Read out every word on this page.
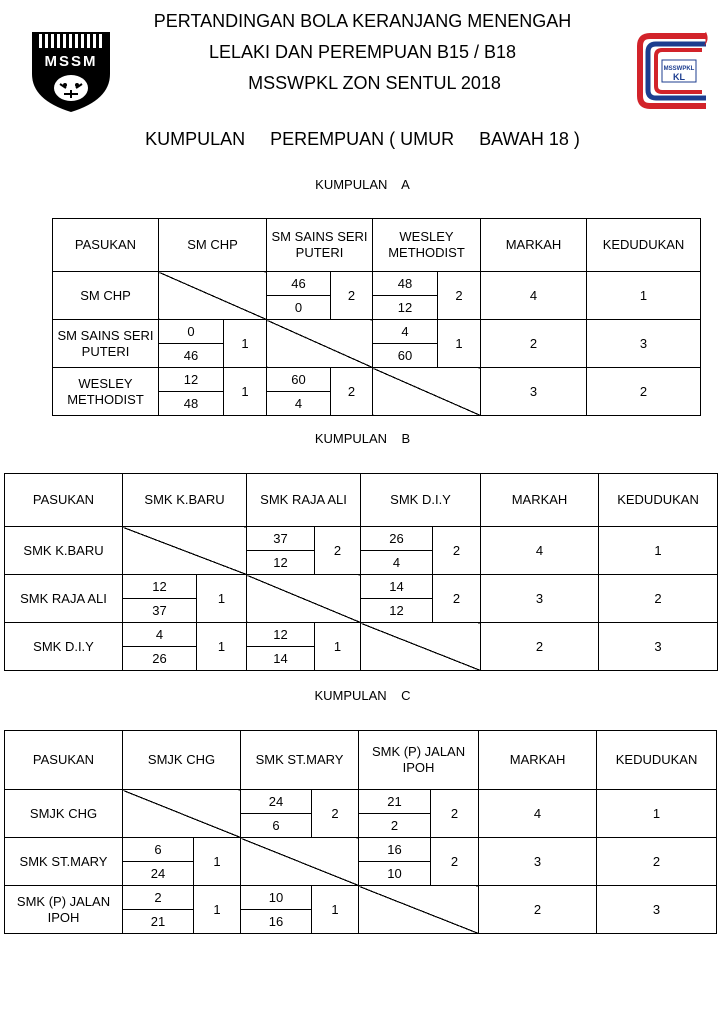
MSSM	MSSWPKL
KL
PERTANDINGAN BOLA KERANJANG MENENGAH
LELAKI DAN PEREMPUAN B15 / B18
MSSWPKL ZON SENTUL 2018
KUMPULAN     PEREMPUAN ( UMUR     BAWAH 18 )
KUMPULAN    A
PASUKAN	SM CHP		SM SAINS SERI PUTERI		WESLEY METHODIST		MARKAH	KEDUDUKAN
SM CHP			46	2	48	2	4	1
			0		12			
SM SAINS SERI PUTERI	0	1			4	1	2	3
	46				60			
WESLEY METHODIST	12	1	60	2			3	2
	48		4					
KUMPULAN    B
PASUKAN	SMK K.BARU		SMK RAJA ALI		SMK D.I.Y		MARKAH	KEDUDUKAN
SMK K.BARU			37	2	26	2	4	1
			12		4			
SMK RAJA ALI	12	1			14	2	3	2
	37				12			
SMK D.I.Y	4	1	12	1			2	3
	26		14					
KUMPULAN    C
PASUKAN	SMJK CHG		SMK ST.MARY		SMK (P) JALAN IPOH		MARKAH	KEDUDUKAN
SMJK CHG			24	2	21	2	4	1
			6		2			
SMK ST.MARY	6	1			16	2	3	2
	24				10			
SMK (P) JALAN IPOH	2	1	10	1			2	3
	21		16					
